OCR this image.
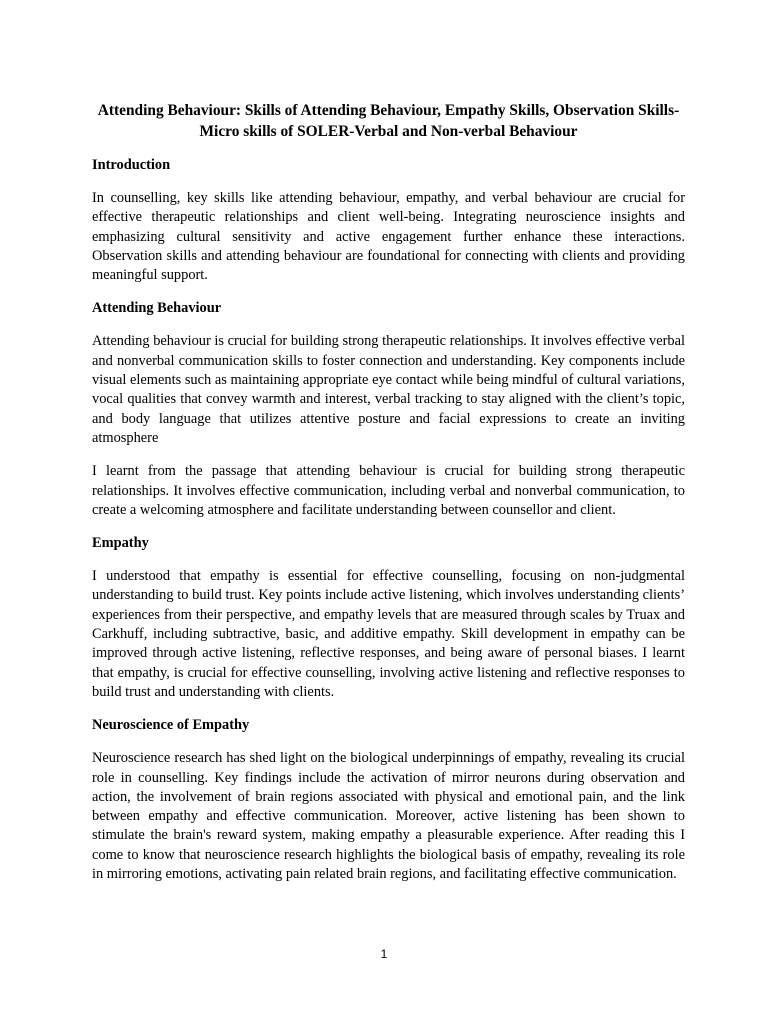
Attending Behaviour: Skills of Attending Behaviour, Empathy Skills, Observation Skills-Micro skills of SOLER-Verbal and Non-verbal Behaviour
Introduction

In counselling, key skills like attending behaviour, empathy, and verbal behaviour are crucial for effective therapeutic relationships and client well-being. Integrating neuroscience insights and emphasizing cultural sensitivity and active engagement further enhance these interactions. Observation skills and attending behaviour are foundational for connecting with clients and providing meaningful support.

Attending Behaviour

Attending behaviour is crucial for building strong therapeutic relationships. It involves effective verbal and nonverbal communication skills to foster connection and understanding. Key components include visual elements such as maintaining appropriate eye contact while being mindful of cultural variations, vocal qualities that convey warmth and interest, verbal tracking to stay aligned with the client’s topic, and body language that utilizes attentive posture and facial expressions to create an inviting atmosphere

I learnt from the passage that attending behaviour is crucial for building strong therapeutic relationships. It involves effective communication, including verbal and nonverbal communication, to create a welcoming atmosphere and facilitate understanding between counsellor and client.

Empathy

I understood that empathy is essential for effective counselling, focusing on non-judgmental understanding to build trust. Key points include active listening, which involves understanding clients’ experiences from their perspective, and empathy levels that are measured through scales by Truax and Carkhuff, including subtractive, basic, and additive empathy. Skill development in empathy can be improved through active listening, reflective responses, and being aware of personal biases. I learnt that empathy, is crucial for effective counselling, involving active listening and reflective responses to build trust and understanding with clients.

Neuroscience of Empathy

Neuroscience research has shed light on the biological underpinnings of empathy, revealing its crucial role in counselling. Key findings include the activation of mirror neurons during observation and action, the involvement of brain regions associated with physical and emotional pain, and the link between empathy and effective communication. Moreover, active listening has been shown to stimulate the brain's reward system, making empathy a pleasurable experience. After reading this I come to know that neuroscience research highlights the biological basis of empathy, revealing its role in mirroring emotions, activating pain related brain regions, and facilitating effective communication.

1
